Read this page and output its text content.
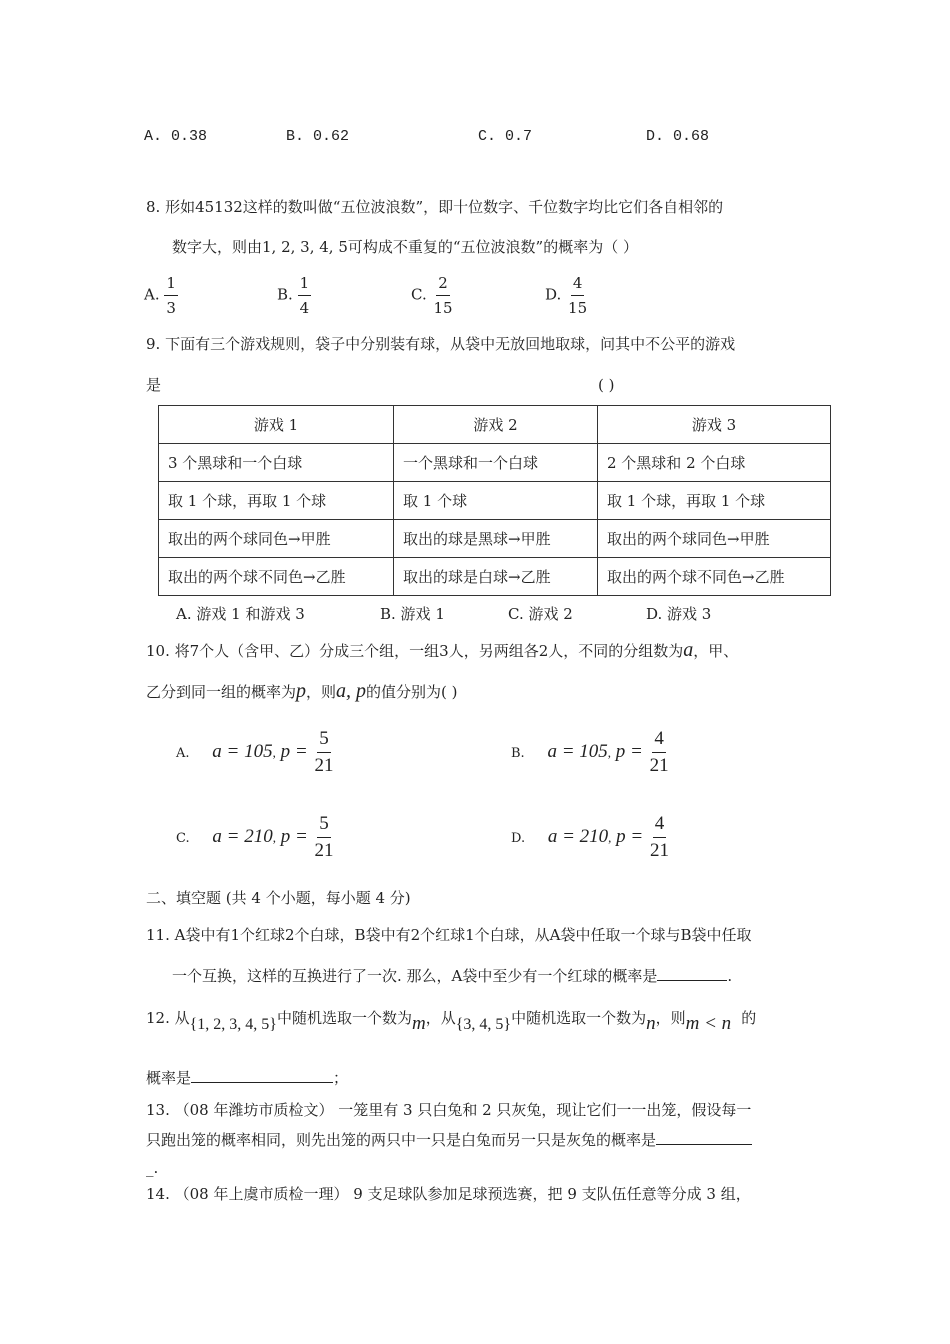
A. 0.38	B. 0.62	C. 0.7	D. 0.68
8. 形如45132这样的数叫做“五位波浪数”，即十位数字、千位数字均比它们各自相邻的
数字大，则由1, 2, 3, 4, 5可构成不重复的“五位波浪数”的概率为（ ）
A. $\frac{1}{3}$	B. $\frac{1}{4}$	C. $\frac{2}{15}$	D. $\frac{4}{15}$
9. 下面有三个游戏规则，袋子中分别装有球，从袋中无放回地取球，问其中不公平的游戏
是	( )
游戏 1	游戏 2	游戏 3
3 个黑球和一个白球	一个黑球和一个白球	2 个黑球和 2 个白球
取 1 个球，再取 1 个球	取 1 个球	取 1 个球，再取 1 个球
取出的两个球同色→甲胜	取出的球是黑球→甲胜	取出的两个球同色→甲胜
取出的两个球不同色→乙胜	取出的球是白球→乙胜	取出的两个球不同色→乙胜
A. 游戏 1 和游戏 3	B. 游戏 1	C. 游戏 2	D. 游戏 3
10. 将7个人（含甲、乙）分成三个组，一组3人，另两组各2人，不同的分组数为a，甲、
乙分到同一组的概率为p，则a, p的值分别为( )
A. a = 105, $p = \frac{5}{21}$	B. a = 105, $p = \frac{4}{21}$
C. a = 210, $p = \frac{5}{21}$	D. a = 210, $p = \frac{4}{21}$
二、填空题 (共 4 个小题，每小题 4 分)
11. A袋中有1个红球2个白球，B袋中有2个红球1个白球，从A袋中任取一个球与B袋中任取
一个互换，这样的互换进行了一次. 那么，A袋中至少有一个红球的概率是	.
12. 从{1, 2, 3, 4, 5}中随机选取一个数为m，从{3, 4, 5}中随机选取一个数为n，则m < n 的
概率是	；
13. （08 年潍坊市质检文） 一笼里有 3 只白兔和 2 只灰兔，现让它们一一出笼，假设每一
只跑出笼的概率相同，则先出笼的两只中一只是白兔而另一只是灰兔的概率是
_.
14. （08 年上虞市质检一理） 9 支足球队参加足球预选赛，把 9 支队伍任意等分成 3 组，
